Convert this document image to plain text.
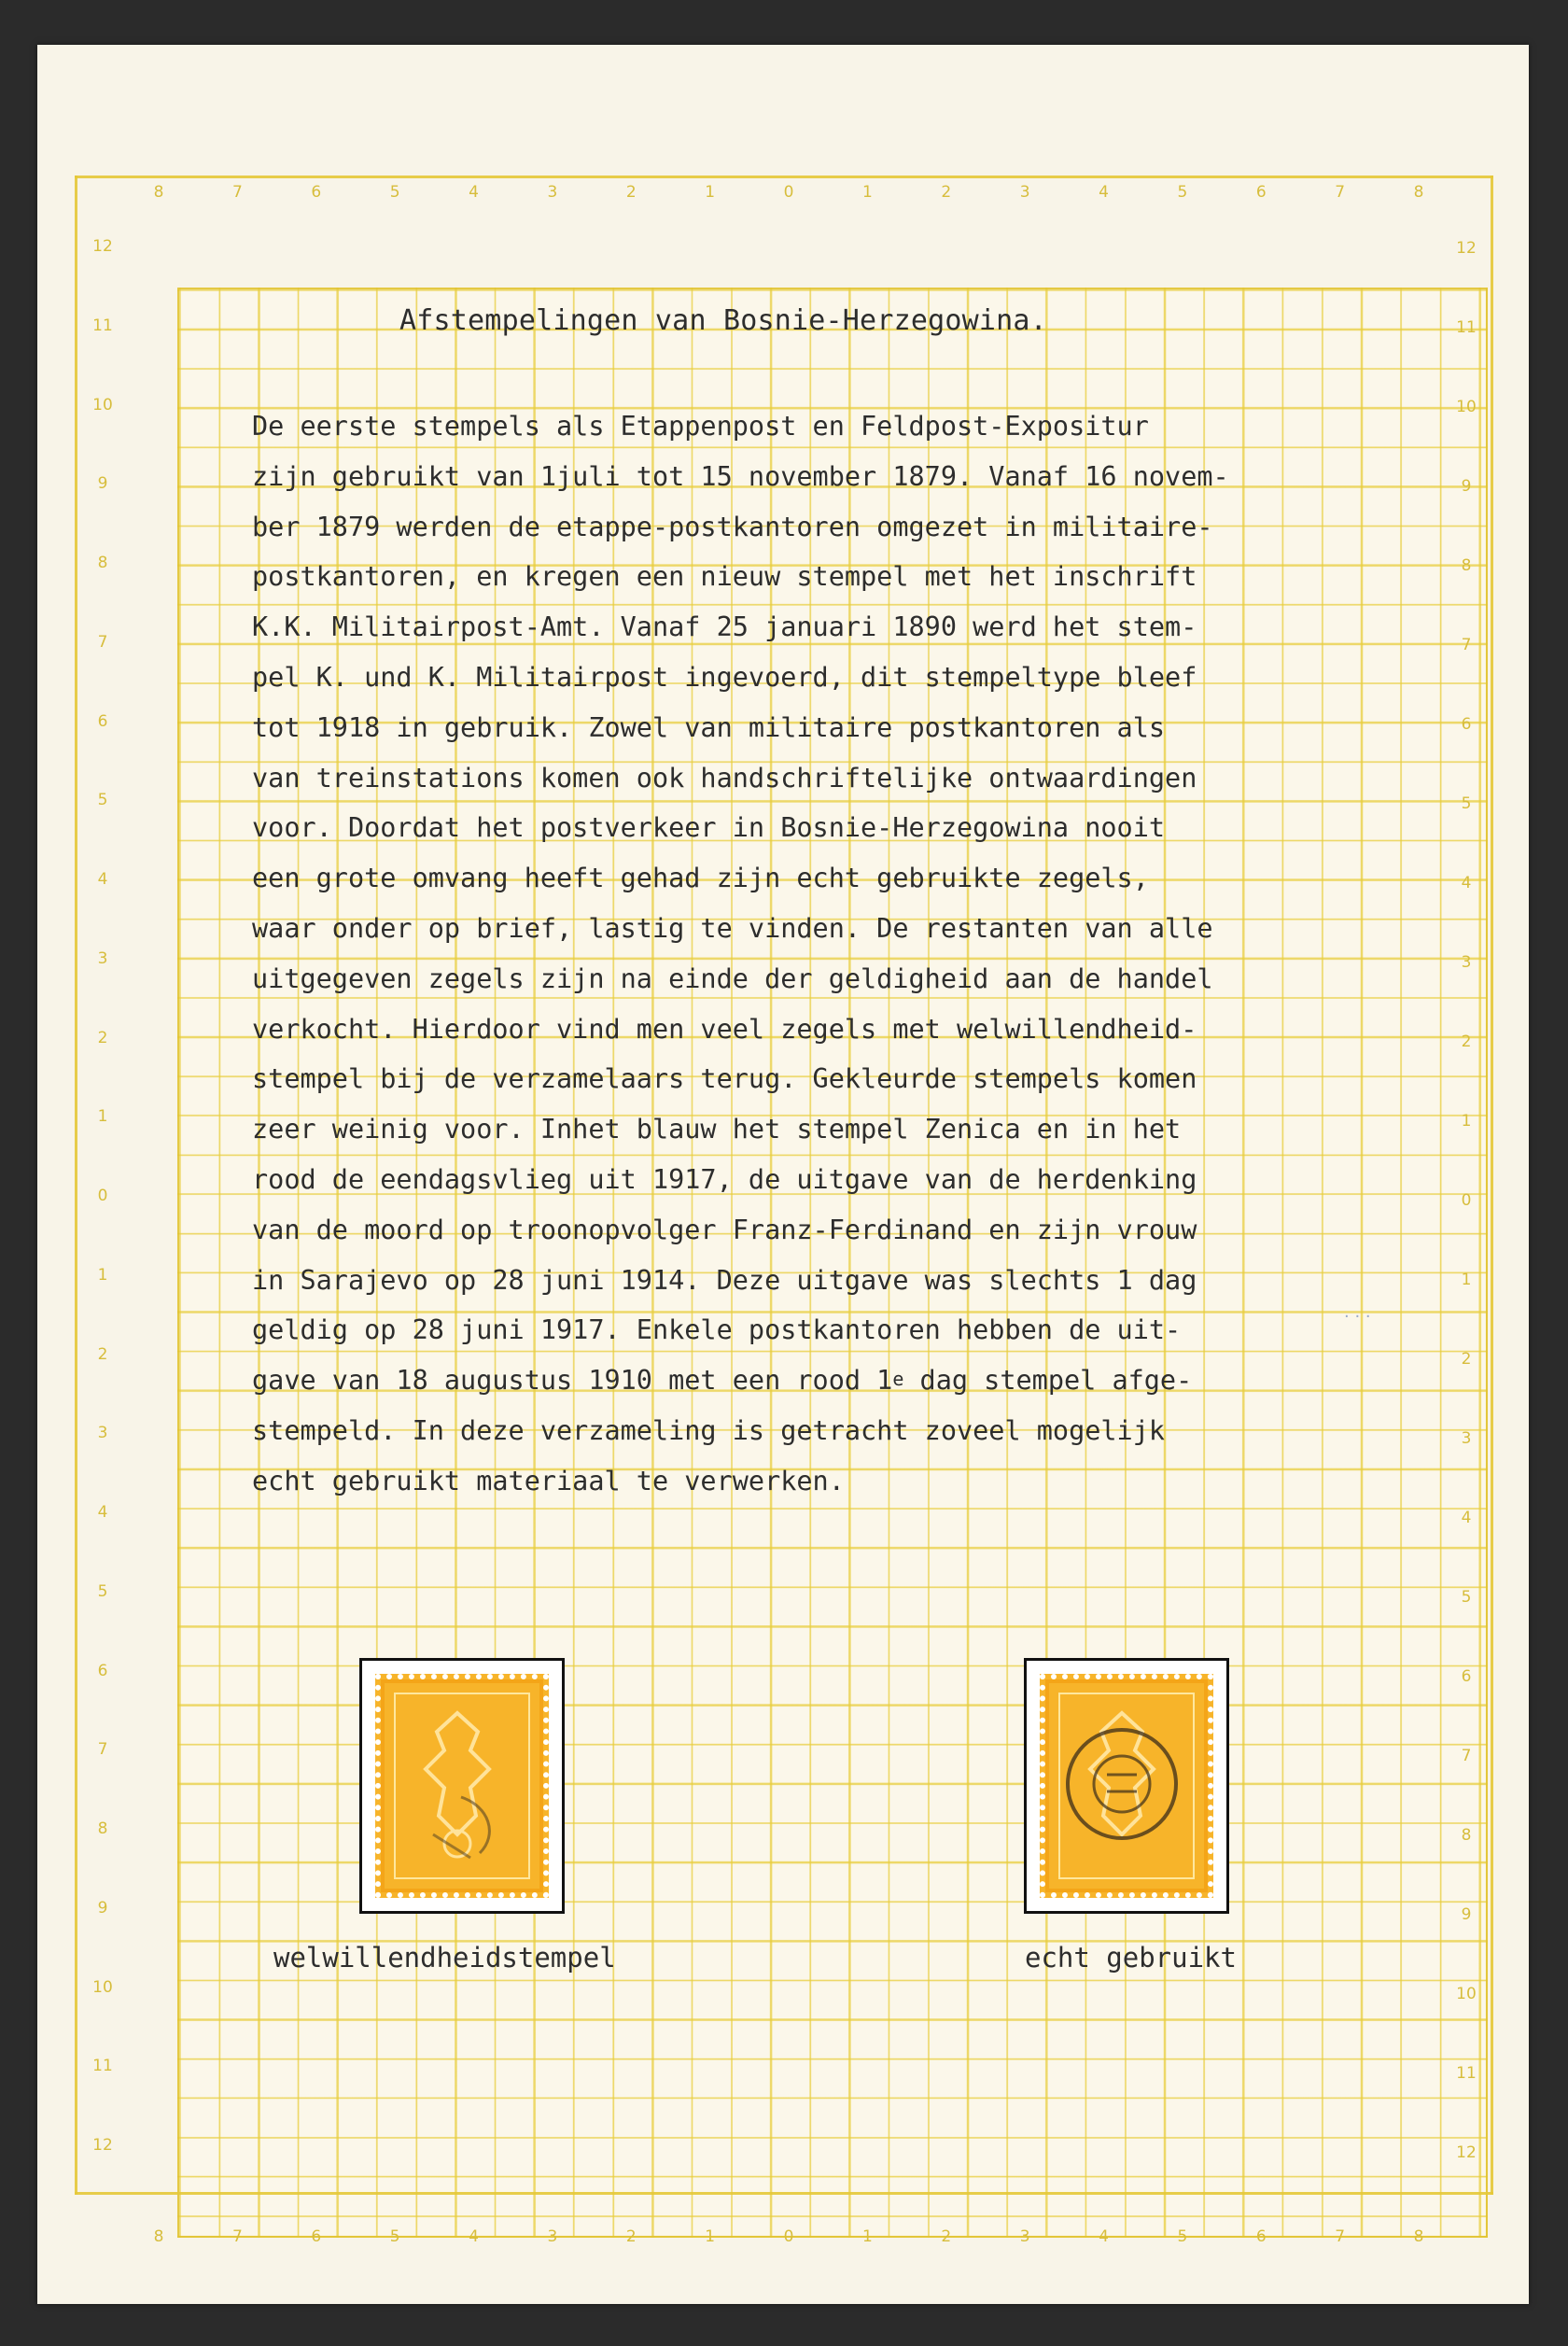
8	7	6	5	4	3	2	1	0	1	2	3	4	5	6	7	8
8	7	6	5	4	3	2	1	0	1	2	3	4	5	6	7	8
12
11
10
9
8
7
6
5
4
3
2
1
0
1
2
3
4
5
6
7
8
9
10
11
12
12
11
10
9
8
7
6
5
4
3
2
1
0
1
2
3
4
5
6
7
8
9
10
11
12
Afstempelingen van Bosnie-Herzegowina.
De eerste stempels als Etappenpost en Feldpost-Expositur
zijn gebruikt van 1juli tot 15 november 1879. Vanaf 16 novem-
ber 1879 werden de etappe-postkantoren omgezet in militaire-
postkantoren, en kregen een nieuw stempel met het inschrift
K.K. Militairpost-Amt. Vanaf 25 januari 1890 werd het stem-
pel K. und K. Militairpost ingevoerd, dit stempeltype bleef
tot 1918 in gebruik. Zowel van militaire postkantoren als
van treinstations komen ook handschriftelijke ontwaardingen
voor. Doordat het postverkeer in Bosnie-Herzegowina nooit
een grote omvang heeft gehad zijn echt gebruikte zegels,
waar onder op brief, lastig te vinden. De restanten van alle
uitgegeven zegels zijn na einde der geldigheid aan de handel
verkocht. Hierdoor vind men veel zegels met welwillendheid-
stempel bij de verzamelaars terug. Gekleurde stempels komen
zeer weinig voor. Inhet blauw het stempel Zenica en in het
rood de eendagsvlieg uit 1917, de uitgave van de herdenking
van de moord op troonopvolger Franz-Ferdinand en zijn vrouw
in Sarajevo op 28 juni 1914. Deze uitgave was slechts 1 dag
geldig op 28 juni 1917. Enkele postkantoren hebben de uit-
gave van 18 augustus 1910 met een rood 1e dag stempel afge-
stempeld. In deze verzameling is getracht zoveel mogelijk
echt gebruikt materiaal te verwerken.
· · ·
welwillendheidstempel	echt gebruikt
